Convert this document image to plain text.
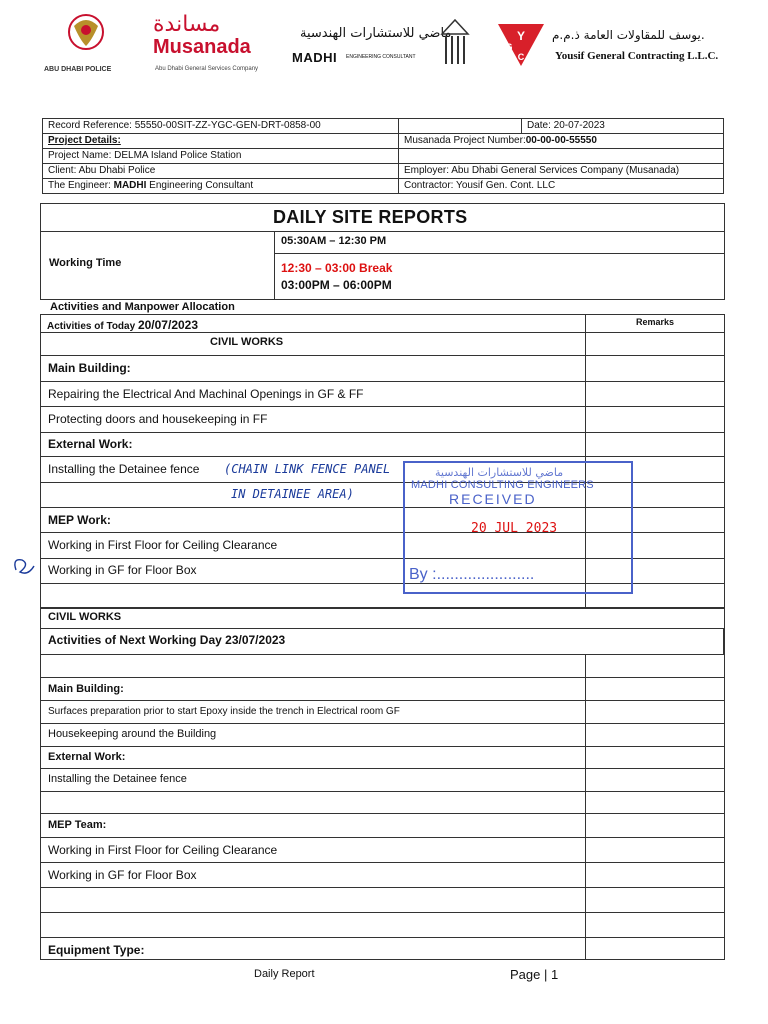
ABU DHABI POLICE
مساندة
Musanada
Abu Dhabi General Services Company
ماضي للاستشارات الهندسية
MADHI ENGINEERING CONSULTANT
Y
G
C
يوسف للمقاولات العامة ذ.م.م.
Yousif General Contracting L.L.C.
Record Reference: 55550-00SIT-ZZ-YGC-GEN-DRT-0858-00		Date: 20-07-2023
Project Details:	Musanada Project Number:00-00-00-55550	
Project Name: DELMA Island Police Station		
Client: Abu Dhabi Police	Employer: Abu Dhabi General Services Company (Musanada)	
The Engineer: MADHI Engineering Consultant	Contractor: Yousif Gen. Cont. LLC	
DAILY SITE REPORTS
Working Time
05:30AM – 12:30 PM
12:30 – 03:00 Break
03:00PM – 06:00PM
Activities and Manpower Allocation
Activities of Today 20/07/2023	Remarks
CIVIL WORKS
Main Building:
Repairing the Electrical And Machinal Openings in GF & FF
Protecting doors and housekeeping in FF
External Work:
Installing the Detainee fence (CHAIN LINK FENCE PANEL
IN DETAINEE AREA)
MEP Work:
Working in First Floor for Ceiling Clearance
Working in GF for Floor Box
ماضي للاستشارات الهندسية
MADHI CONSULTING ENGINEERS
RECEIVED
20 JUL 2023
By :......................
CIVIL WORKS
Activities of Next Working Day 23/07/2023
Main Building:
Surfaces preparation prior to start Epoxy inside the trench in Electrical room GF
Housekeeping around the Building
External Work:
Installing the Detainee fence
MEP Team:
Working in First Floor for Ceiling Clearance
Working in GF for Floor Box
Equipment Type:
Daily Report	Page | 1
